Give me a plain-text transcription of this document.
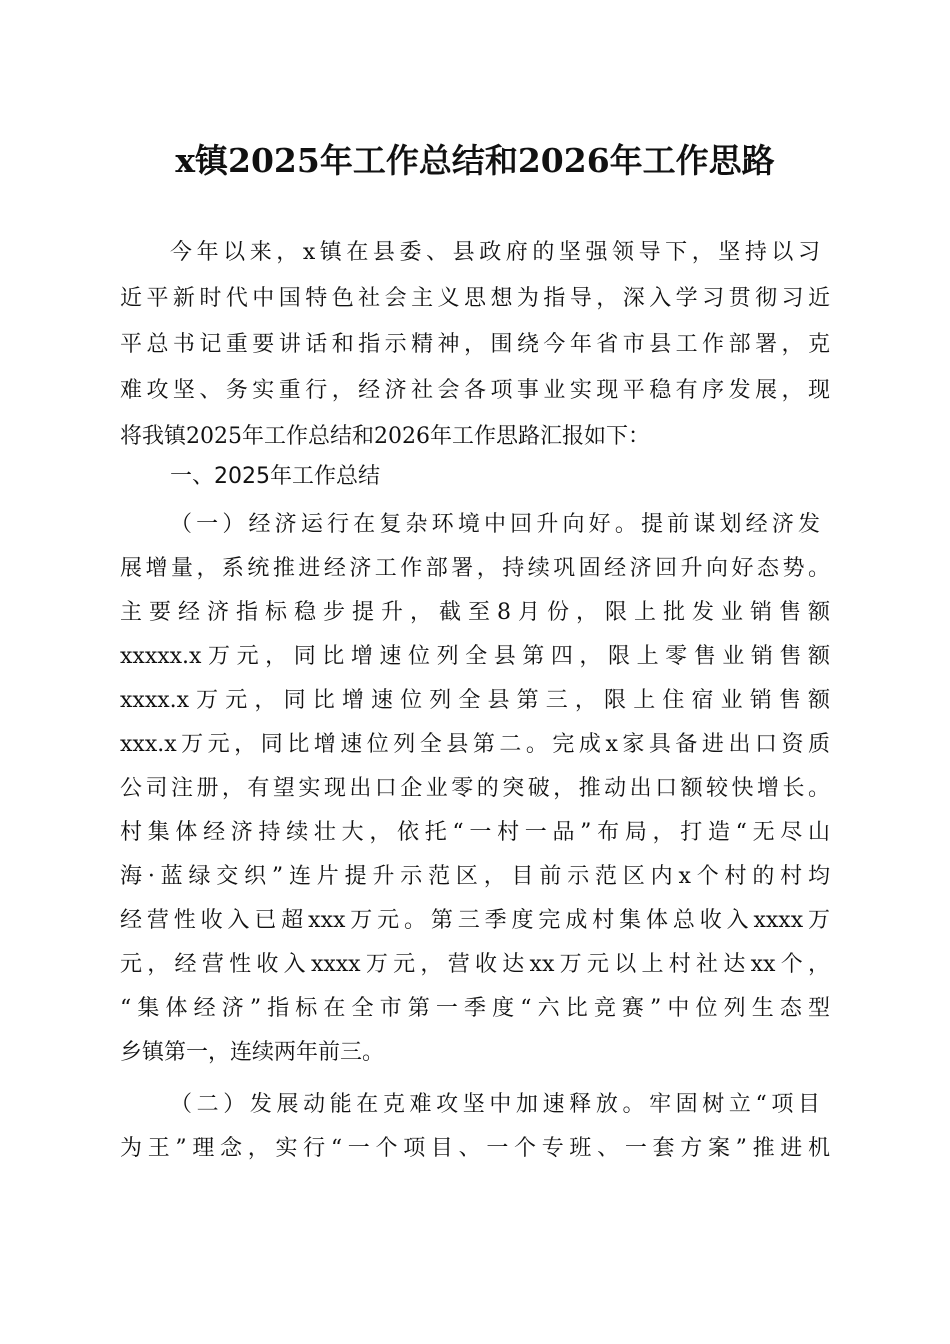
x镇2025年工作总结和2026年工作思路
今年以来，x镇在县委、县政府的坚强领导下，坚持以习
近平新时代中国特色社会主义思想为指导，深入学习贯彻习近
平总书记重要讲话和指示精神，围绕今年省市县工作部署，克
难攻坚、务实重行，经济社会各项事业实现平稳有序发展，现
将我镇2025年工作总结和2026年工作思路汇报如下：
一、2025年工作总结
（一）经济运行在复杂环境中回升向好。提前谋划经济发
展增量，系统推进经济工作部署，持续巩固经济回升向好态势。
主要经济指标稳步提升，截至8月份，限上批发业销售额
xxxxx.x万元，同比增速位列全县第四，限上零售业销售额
xxxx.x万元，同比增速位列全县第三，限上住宿业销售额
xxx.x万元，同比增速位列全县第二。完成x家具备进出口资质
公司注册，有望实现出口企业零的突破，推动出口额较快增长。
村集体经济持续壮大，依托“一村一品”布局，打造“无尽山
海·蓝绿交织”连片提升示范区，目前示范区内x个村的村均
经营性收入已超xxx万元。第三季度完成村集体总收入xxxx万
元，经营性收入xxxx万元，营收达xx万元以上村社达xx个，
“集体经济”指标在全市第一季度“六比竞赛”中位列生态型
乡镇第一，连续两年前三。
（二）发展动能在克难攻坚中加速释放。牢固树立“项目
为王”理念，实行“一个项目、一个专班、一套方案”推进机
